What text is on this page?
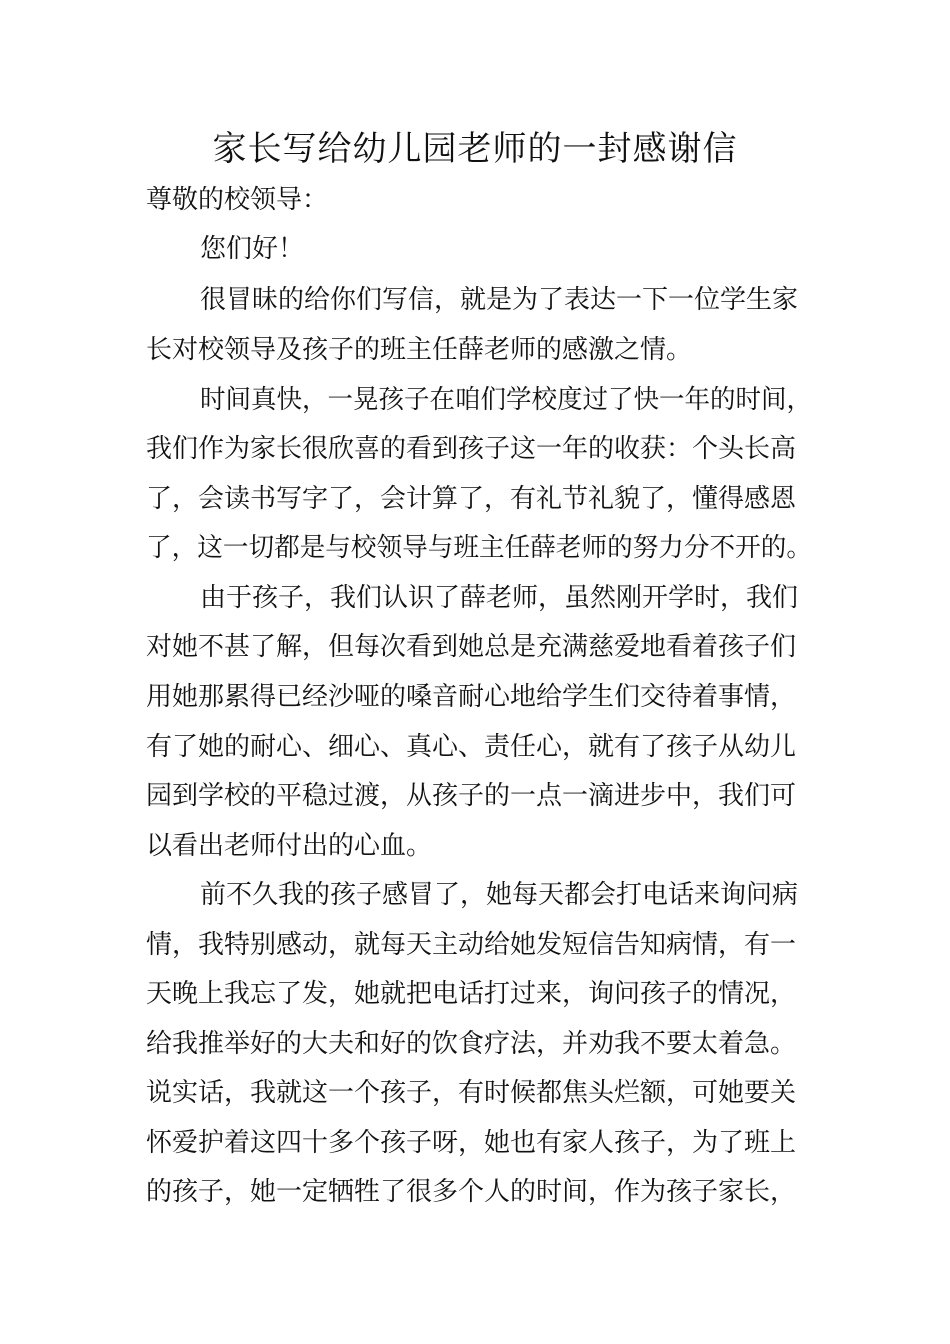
家长写给幼儿园老师的一封感谢信
尊敬的校领导：
您们好！
很冒昧的给你们写信，就是为了表达一下一位学生家
长对校领导及孩子的班主任薛老师的感激之情。
时间真快，一晃孩子在咱们学校度过了快一年的时间，
我们作为家长很欣喜的看到孩子这一年的收获：个头长高
了，会读书写字了，会计算了，有礼节礼貌了，懂得感恩
了，这一切都是与校领导与班主任薛老师的努力分不开的。
由于孩子，我们认识了薛老师，虽然刚开学时，我们
对她不甚了解，但每次看到她总是充满慈爱地看着孩子们
用她那累得已经沙哑的嗓音耐心地给学生们交待着事情，
有了她的耐心、细心、真心、责任心，就有了孩子从幼儿
园到学校的平稳过渡，从孩子的一点一滴进步中，我们可
以看出老师付出的心血。
前不久我的孩子感冒了，她每天都会打电话来询问病
情，我特别感动，就每天主动给她发短信告知病情，有一
天晚上我忘了发，她就把电话打过来，询问孩子的情况，
给我推举好的大夫和好的饮食疗法，并劝我不要太着急。
说实话，我就这一个孩子，有时候都焦头烂额，可她要关
怀爱护着这四十多个孩子呀，她也有家人孩子，为了班上
的孩子，她一定牺牲了很多个人的时间，作为孩子家长，
